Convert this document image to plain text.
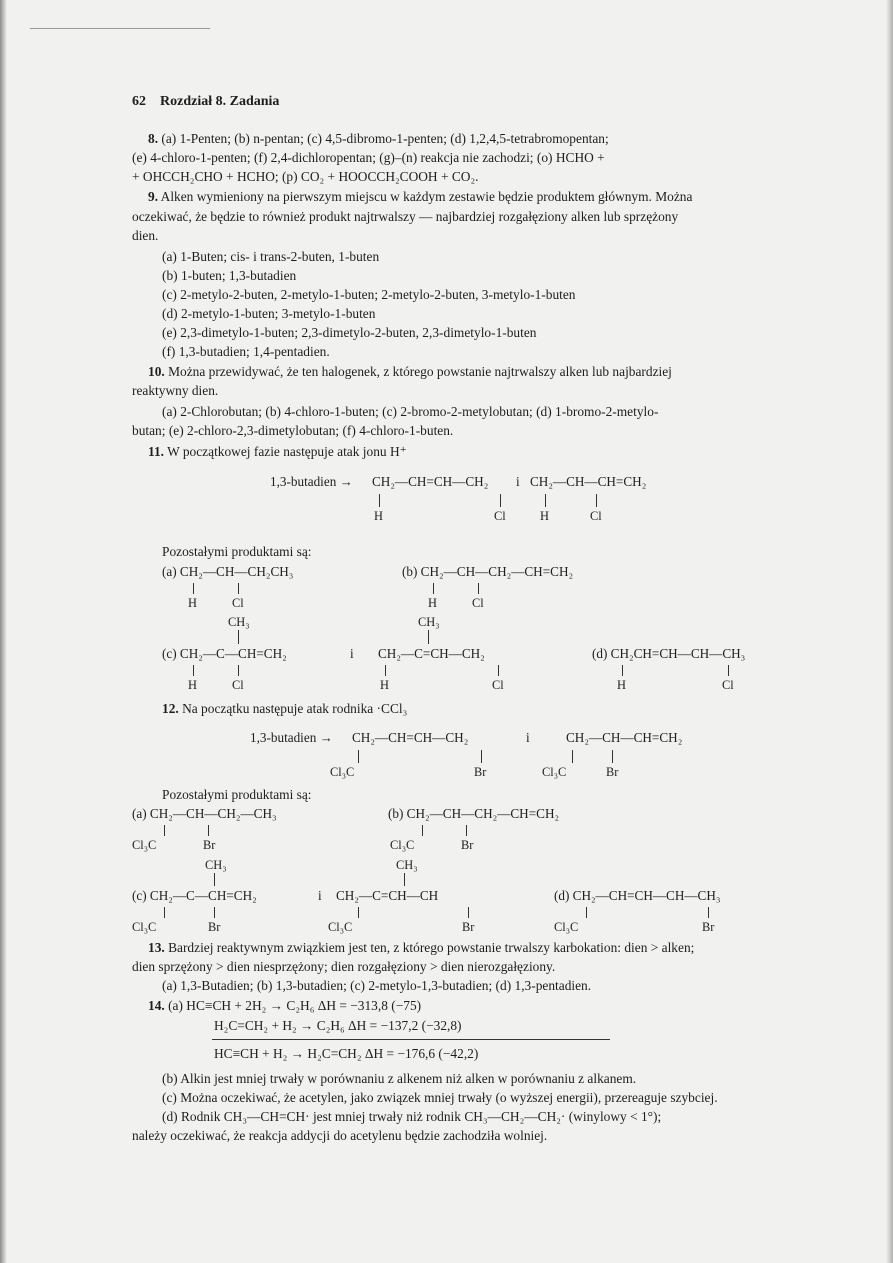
62 Rozdział 8. Zadania
8. (a) 1-Penten; (b) n-pentan; (c) 4,5-dibromo-1-penten; (d) 1,2,4,5-tetrabromopentan;
(e) 4-chloro-1-penten; (f) 2,4-dichloropentan; (g)–(n) reakcja nie zachodzi; (o) HCHO +
+ OHCCH₂CHO + HCHO; (p) CO₂ + HOOCCH₂COOH + CO₂.
9. Alken wymieniony na pierwszym miejscu w każdym zestawie będzie produktem głównym. Można
oczekiwać, że będzie to również produkt najtrwalszy — najbardziej rozgałęziony alken lub sprzężony
dien.
(a) 1-Buten; cis- i trans-2-buten, 1-buten
(b) 1-buten; 1,3-butadien
(c) 2-metylo-2-buten, 2-metylo-1-buten; 2-metylo-2-buten, 3-metylo-1-buten
(d) 2-metylo-1-buten; 3-metylo-1-buten
(e) 2,3-dimetylo-1-buten; 2,3-dimetylo-2-buten, 2,3-dimetylo-1-buten
(f) 1,3-butadien; 1,4-pentadien.
10. Można przewidywać, że ten halogenek, z którego powstanie najtrwalszy alken lub najbardziej
reaktywny dien.
(a) 2-Chlorobutan; (b) 4-chloro-1-buten; (c) 2-bromo-2-metylobutan; (d) 1-bromo-2-metylo-
butan; (e) 2-chloro-2,3-dimetylobutan; (f) 4-chloro-1-buten.
11. W początkowej fazie następuje atak jonu H⁺
1,3-butadien → CH₂—CH=CH—CH₂ i CH₂—CH—CH=CH₂
H	Cl	H	Cl
Pozostałymi produktami są:
(a) CH₂—CH—CH₂CH₃
H	Cl
(b) CH₂—CH—CH₂—CH=CH₂
H	Cl
CH₃
(c) CH₂—C—CH=CH₂
H	Cl
i
CH₃
CH₂—C=CH—CH₂
H	Cl
(d) CH₂CH=CH—CH—CH₃
H	Cl
12. Na początku następuje atak rodnika ·CCl₃
1,3-butadien → CH₂—CH=CH—CH₂	i	CH₂—CH—CH=CH₂
Cl₃C	Br	Cl₃C	Br
Pozostałymi produktami są:
(a) CH₂—CH—CH₂—CH₃
Cl₃C	Br
(b) CH₂—CH—CH₂—CH=CH₂
Cl₃C	Br
CH₃
(c) CH₂—C—CH=CH₂
Cl₃C	Br
i
CH₃
CH₂—C=CH—CH
Cl₃C	Br
(d) CH₂—CH=CH—CH—CH₃
Cl₃C	Br
13. Bardziej reaktywnym związkiem jest ten, z którego powstanie trwalszy karbokation: dien > alken;
dien sprzężony > dien niesprzężony; dien rozgałęziony > dien nierozgałęziony.
(a) 1,3-Butadien; (b) 1,3-butadien; (c) 2-metylo-1,3-butadien; (d) 1,3-pentadien.
14. (a) HC≡CH + 2H₂ → C₂H₆ ΔH = −313,8 (−75)
H₂C=CH₂ + H₂ → C₂H₆ ΔH = −137,2 (−32,8)
HC≡CH + H₂ → H₂C=CH₂ ΔH = −176,6 (−42,2)
(b) Alkin jest mniej trwały w porównaniu z alkenem niż alken w porównaniu z alkanem.
(c) Można oczekiwać, że acetylen, jako związek mniej trwały (o wyższej energii), przereaguje szybciej.
(d) Rodnik CH₃—CH=CH· jest mniej trwały niż rodnik CH₃—CH₂—CH₂· (winylowy < 1°);
należy oczekiwać, że reakcja addycji do acetylenu będzie zachodziła wolniej.
